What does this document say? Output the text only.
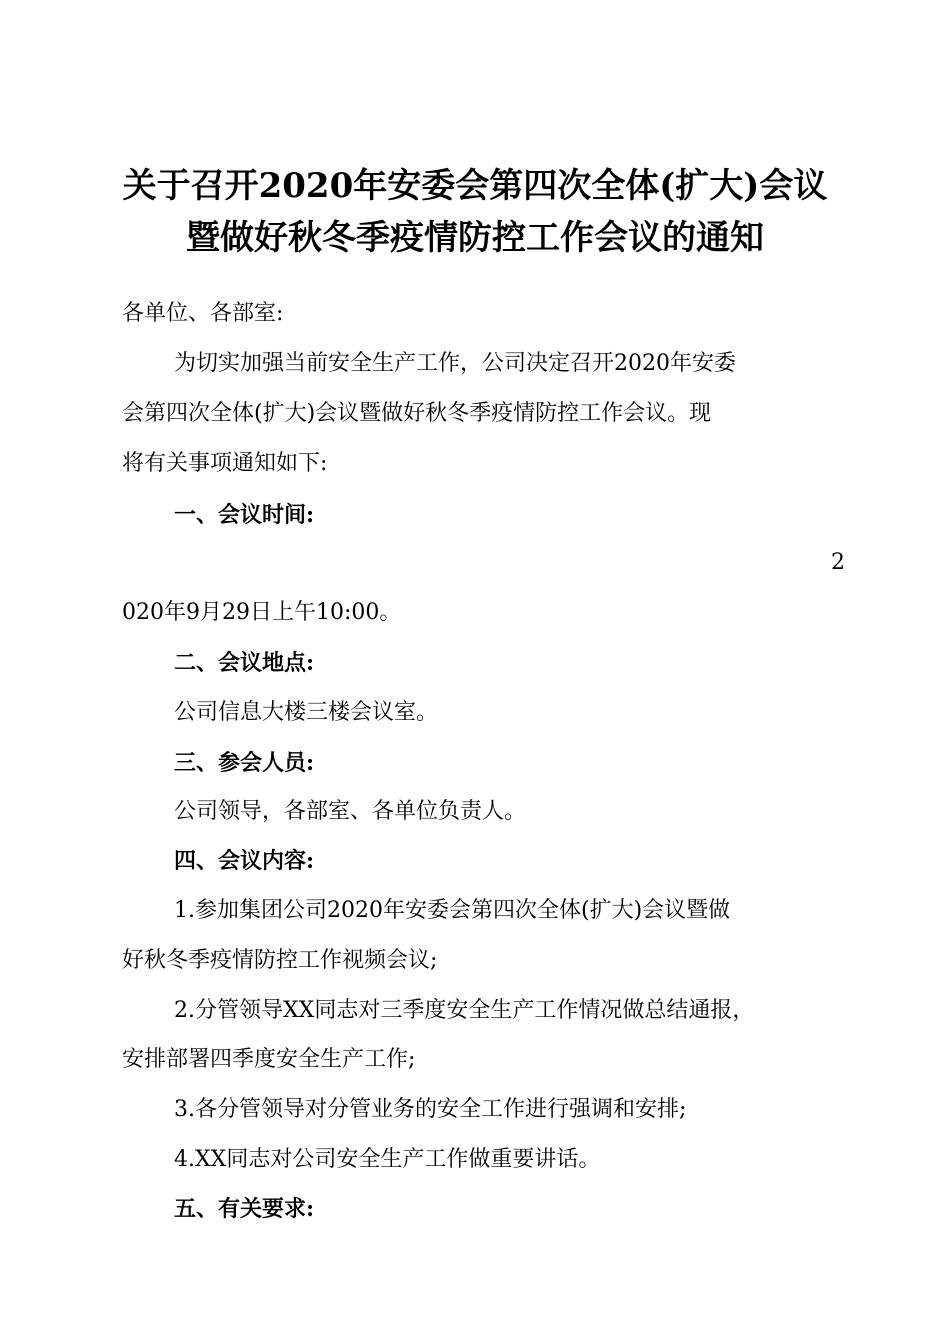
关于召开2020年安委会第四次全体(扩大)会议
暨做好秋冬季疫情防控工作会议的通知
各单位、各部室:
为切实加强当前安全生产工作，公司决定召开2020年安委
会第四次全体(扩大)会议暨做好秋冬季疫情防控工作会议。现
将有关事项通知如下:
一、会议时间:
2
020年9月29日上午10:00。
二、会议地点:
公司信息大楼三楼会议室。
三、参会人员:
公司领导，各部室、各单位负责人。
四、会议内容:
1.参加集团公司2020年安委会第四次全体(扩大)会议暨做
好秋冬季疫情防控工作视频会议;
2.分管领导XX同志对三季度安全生产工作情况做总结通报，
安排部署四季度安全生产工作;
3.各分管领导对分管业务的安全工作进行强调和安排;
4.XX同志对公司安全生产工作做重要讲话。
五、有关要求:
